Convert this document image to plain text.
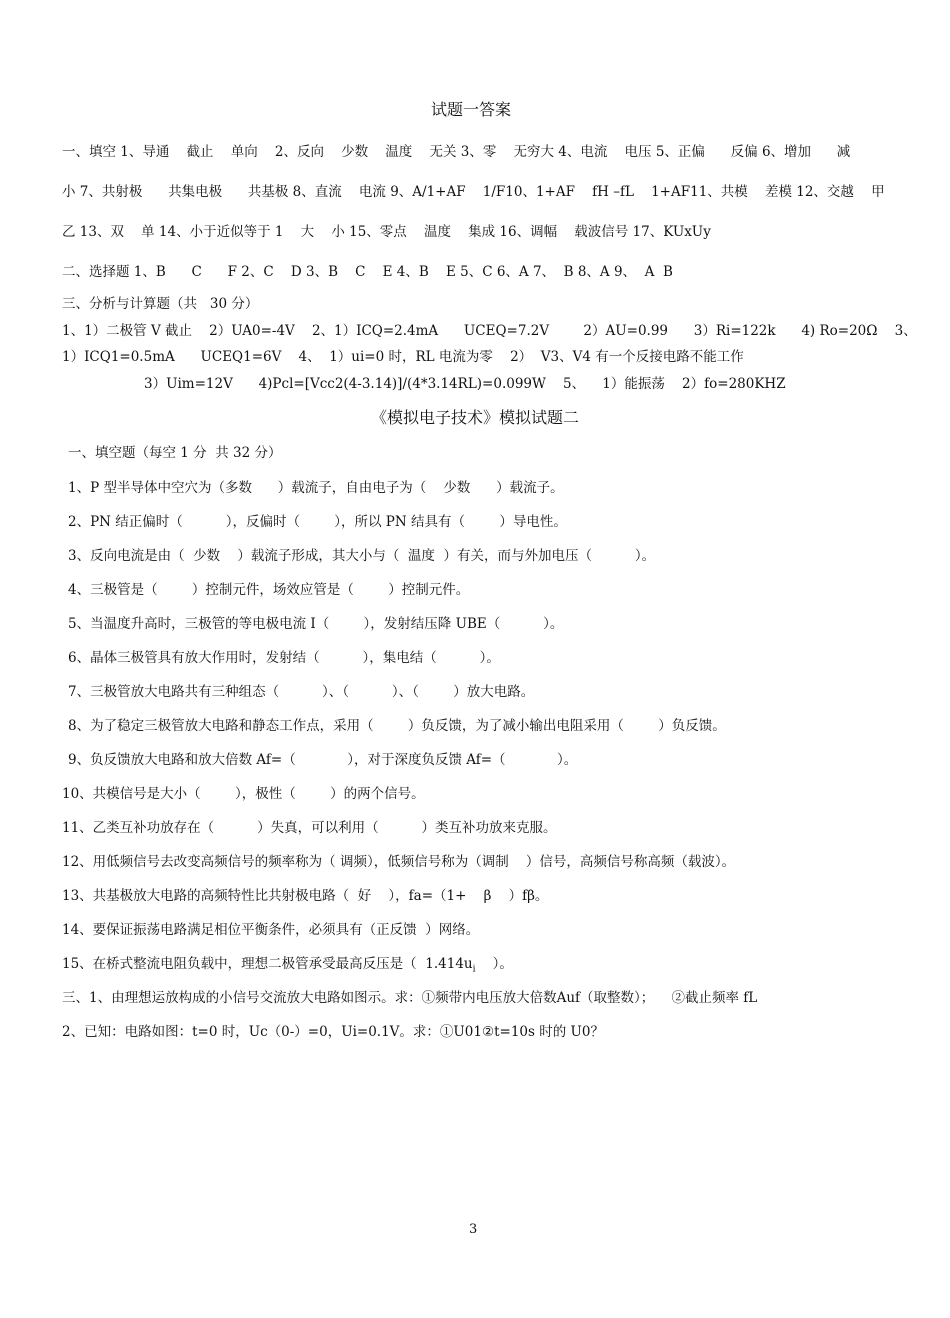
试题一答案
一、填空 1、导通    截止    单向    2、反向    少数    温度    无关 3、零    无穷大 4、电流    电压 5、正偏      反偏 6、增加      减
小 7、共射极      共集电极      共基极 8、直流    电流 9、A/1+AF    1/F10、1+AF    fH –fL    1+AF11、共模    差模 12、交越    甲
乙 13、双    单 14、小于近似等于 1    大    小 15、零点    温度    集成 16、调幅    载波信号 17、KUxUy
二、选择题 1、B      C      F 2、C    D 3、B    C    E 4、B    E 5、C 6、A 7、  B 8、A 9、  A  B
三、分析与计算题（共   30 分）
1、1）二极管 V 截止    2）UA0=-4V    2、1）ICQ=2.4mA      UCEQ=7.2V        2）AU=0.99      3）Ri=122k      4) Ro=20Ω    3、
1）ICQ1=0.5mA      UCEQ1=6V    4、  1）ui=0 时，RL 电流为零    2）  V3、V4 有一个反接电路不能工作
3）Uim=12V      4)Pcl=[Vcc2(4-3.14)]/(4*3.14RL)=0.099W    5、    1）能振荡    2）fo=280KHZ
《模拟电子技术》模拟试题二
一、填空题（每空 1 分  共 32 分）
1、P 型半导体中空穴为（多数      ）载流子，自由电子为（    少数      ）载流子。
2、PN 结正偏时（          ），反偏时（        ），所以 PN 结具有（        ）导电性。
3、反向电流是由（  少数    ）载流子形成，其大小与（  温度  ）有关，而与外加电压（          ）。
4、三极管是（        ）控制元件，场效应管是（        ）控制元件。
5、当温度升高时，三极管的等电极电流 I（        ），发射结压降 UBE（          ）。
6、晶体三极管具有放大作用时，发射结（          ），集电结（          ）。
7、三极管放大电路共有三种组态（          ）、（          ）、（        ）放大电路。
8、为了稳定三极管放大电路和静态工作点，采用（        ）负反馈，为了减小输出电阻采用（        ）负反馈。
9、负反馈放大电路和放大倍数 Af=（            ），对于深度负反馈 Af=（            ）。
10、共模信号是大小（        ），极性（        ）的两个信号。
11、乙类互补功放存在（          ）失真，可以利用（          ）类互补功放来克服。
12、用低频信号去改变高频信号的频率称为（ 调频），低频信号称为（调制    ）信号，高频信号称高频（载波）。
13、共基极放大电路的高频特性比共射极电路（  好    ），fa=（1+    β    ）fβ。
14、要保证振荡电路满足相位平衡条件，必须具有（正反馈  ）网络。
15、在桥式整流电阻负载中，理想二极管承受最高反压是（  $1.414u_i$    ）。
三、1、由理想运放构成的小信号交流放大电路如图示。求：①频带内电压放大倍数Auf（取整数）；    ②截止频率 fL
2、已知：电路如图：t=0 时，Uc（0-）=0，Ui=0.1V。求：①U01②t=10s 时的 U0？
3
